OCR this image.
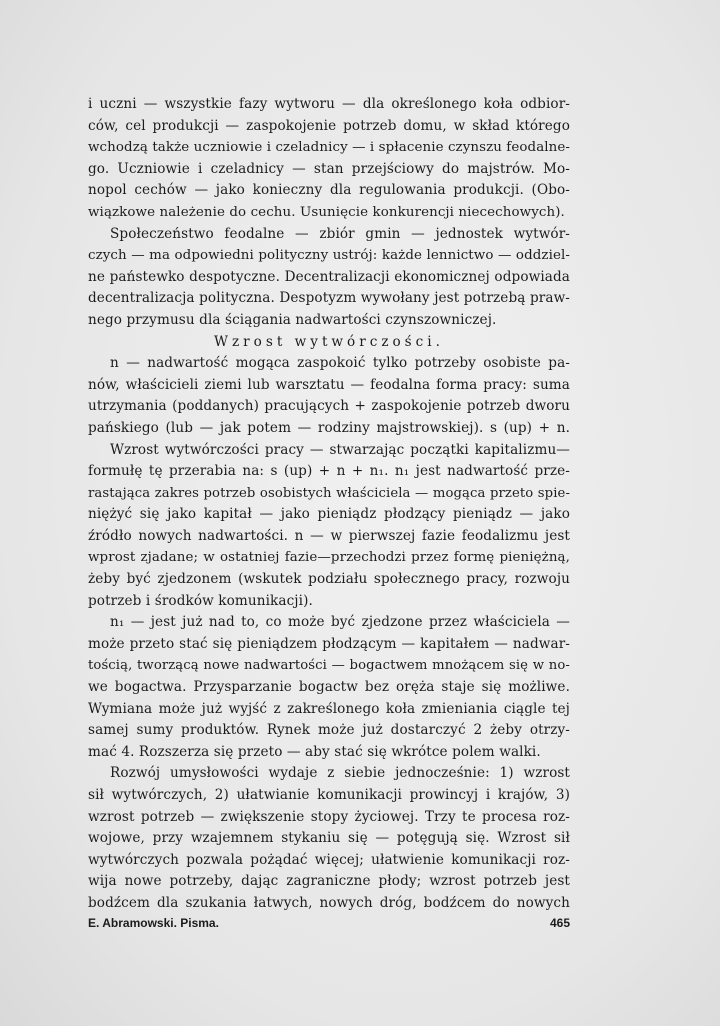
i uczni — wszystkie fazy wytworu — dla określonego koła odbior-
ców, cel produkcji — zaspokojenie potrzeb domu, w skład którego
wchodzą także uczniowie i czeladnicy — i spłacenie czynszu feodalne-
go. Uczniowie i czeladnicy — stan przejściowy do majstrów. Mo-
nopol cechów — jako konieczny dla regulowania produkcji. (Obo-
wiązkowe należenie do cechu. Usunięcie konkurencji niecechowych).
Społeczeństwo feodalne — zbiór gmin — jednostek wytwór-
czych — ma odpowiedni polityczny ustrój: każde lennictwo — oddziel-
ne państewko despotyczne. Decentralizacji ekonomicznej odpowiada
decentralizacja polityczna. Despotyzm wywołany jest potrzebą praw-
nego przymusu dla ściągania nadwartości czynszowniczej.
Wzrost wytwórczości.
n — nadwartość mogąca zaspokoić tylko potrzeby osobiste pa-
nów, właścicieli ziemi lub warsztatu — feodalna forma pracy: suma
utrzymania (poddanych) pracujących + zaspokojenie potrzeb dworu
pańskiego (lub — jak potem — rodziny majstrowskiej). s (up) + n.
Wzrost wytwórczości pracy — stwarzając początki kapitalizmu—
formułę tę przerabia na: s (up) + n + n₁. n₁ jest nadwartość prze-
rastająca zakres potrzeb osobistych właściciela — mogąca przeto spie-
niężyć się jako kapitał — jako pieniądz płodzący pieniądz — jako
źródło nowych nadwartości. n — w pierwszej fazie feodalizmu jest
wprost zjadane; w ostatniej fazie—przechodzi przez formę pieniężną,
żeby być zjedzonem (wskutek podziału społecznego pracy, rozwoju
potrzeb i środków komunikacji).
n₁ — jest już nad to, co może być zjedzone przez właściciela —
może przeto stać się pieniądzem płodzącym — kapitałem — nadwar-
tością, tworzącą nowe nadwartości — bogactwem mnożącem się w no-
we bogactwa. Przysparzanie bogactw bez oręża staje się możliwe.
Wymiana może już wyjść z zakreślonego koła zmieniania ciągle tej
samej sumy produktów. Rynek może już dostarczyć 2 żeby otrzy-
mać 4. Rozszerza się przeto — aby stać się wkrótce polem walki.
Rozwój umysłowości wydaje z siebie jednocześnie: 1) wzrost
sił wytwórczych, 2) ułatwianie komunikacji prowincyj i krajów, 3)
wzrost potrzeb — zwiększenie stopy życiowej. Trzy te procesa roz-
wojowe, przy wzajemnem stykaniu się — potęgują się. Wzrost sił
wytwórczych pozwala pożądać więcej; ułatwienie komunikacji roz-
wija nowe potrzeby, dając zagraniczne płody; wzrost potrzeb jest
bodźcem dla szukania łatwych, nowych dróg, bodźcem do nowych
E. Abramowski. Pisma.	465
